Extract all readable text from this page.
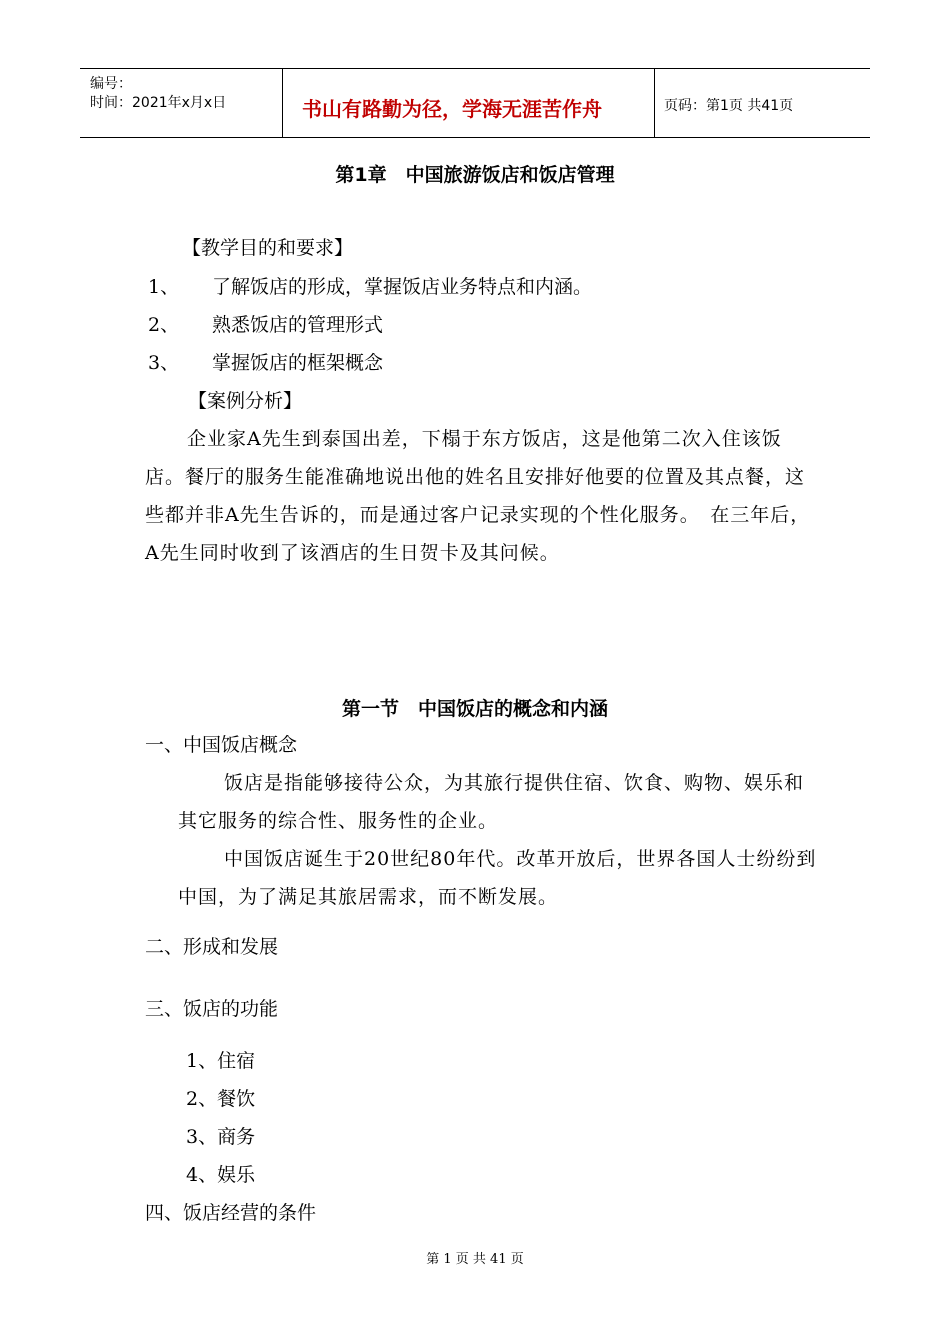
编号：
时间：2021年x月x日	书山有路勤为径，学海无涯苦作舟	页码：第1页 共41页
第1章　中国旅游饭店和饭店管理
【教学目的和要求】
1、 了解饭店的形成，掌握饭店业务特点和内涵。
2、 熟悉饭店的管理形式
3、 掌握饭店的框架概念
【案例分析】
企业家A先生到泰国出差，下榻于东方饭店，这是他第二次入住该饭店。餐厅的服务生能准确地说出他的姓名且安排好他要的位置及其点餐，这些都并非A先生告诉的，而是通过客户记录实现的个性化服务。　在三年后，A先生同时收到了该酒店的生日贺卡及其问候。
第一节　中国饭店的概念和内涵
一、中国饭店概念
饭店是指能够接待公众，为其旅行提供住宿、饮食、购物、娱乐和其它服务的综合性、服务性的企业。
中国饭店诞生于20世纪80年代。改革开放后，世界各国人士纷纷到中国，为了满足其旅居需求，而不断发展。
二、形成和发展
三、饭店的功能
1、住宿
2、餐饮
3、商务
4、娱乐
四、饭店经营的条件
第 1 页 共 41 页
